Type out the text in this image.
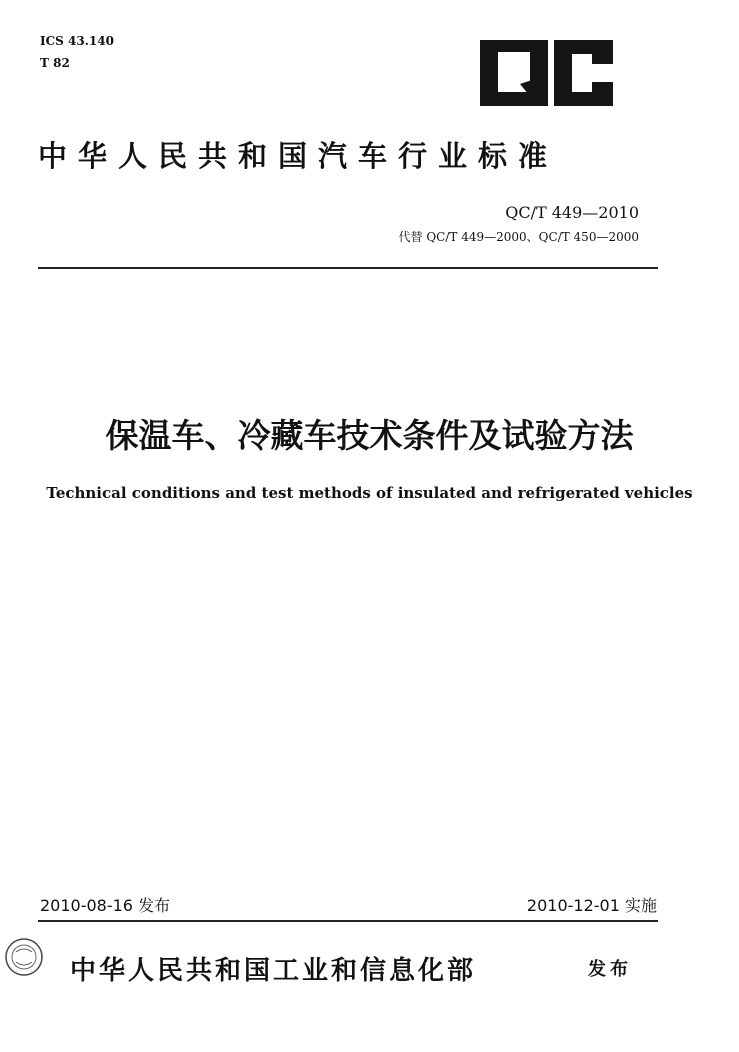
ICS 43.140
T 82
中华人民共和国汽车行业标准
QC/T 449—2010
代替 QC/T 449—2000、QC/T 450—2000
保温车、冷藏车技术条件及试验方法
Technical conditions and test methods of insulated and refrigerated vehicles
2010-08-16 发布	2010-12-01 实施
中华人民共和国工业和信息化部	发布
